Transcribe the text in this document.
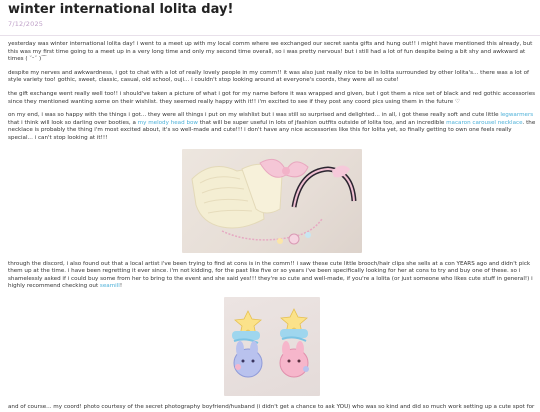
winter international lolita day!
7/12/2025

yesterday was winter international lolita day! i went to a meet up with my local comm where we exchanged our secret santa gifts and hung out!! i might have mentioned this already, but this was my first time going to a meet up in a very long time and only my second time overall, so i was pretty nervous! but i still had a lot of fun despite being a bit shy and awkward at times ( ˘ᵕ˘ )⌒

despite my nerves and awkwardness, i got to chat with a lot of really lovely people in my comm!! it was also just really nice to be in lolita surrounded by other lolita's... there was a lot of style variety too! gothic, sweet, classic, casual, old school, ouji... i couldn't stop looking around at everyone's coords, they were all so cute!

the gift exchange went really well too!! i should've taken a picture of what i got for my name before it was wrapped and given, but i got them a nice set of black and red gothic accessories since they mentioned wanting some on their wishlist. they seemed really happy with it!! i'm excited to see if they post any coord pics using them in the future ♡

on my end, i was so happy with the things i got... they were all things i put on my wishlist but i was still so surprised and delighted... in all, i got these really soft and cute little legwarmers that i think will look so darling over booties, a my melody head bow that will be super useful in lots of jfashion outfits outside of lolita too, and an incredible macaron carousel necklace. the necklace is probably the thing i'm most excited about, it's so well-made and cute!!! i don't have any nice accessories like this for lolita yet, so finally getting to own one feels really special... i can't stop looking at it!!!

through the discord, i also found out that a local artist i've been trying to find at cons is in the comm!! i saw these cute little brooch/hair clips she sells at a con YEARS ago and didn't pick them up at the time. i have been regretting it ever since. i'm not kidding, for the past like five or so years i've been specifically looking for her at cons to try and buy one of these. so i shamelessly asked if i could buy some from her to bring to the event and she said yes!!! they're so cute and well-made, if you're a lolita (or just someone who likes cute stuff in general!) i highly recommend checking out seamill!

and of course... my coord! photo courtesy of the secret photography boyfriend/husband (i didn't get a chance to ask YOU) who was so kind and did so much work setting up a cute spot for
